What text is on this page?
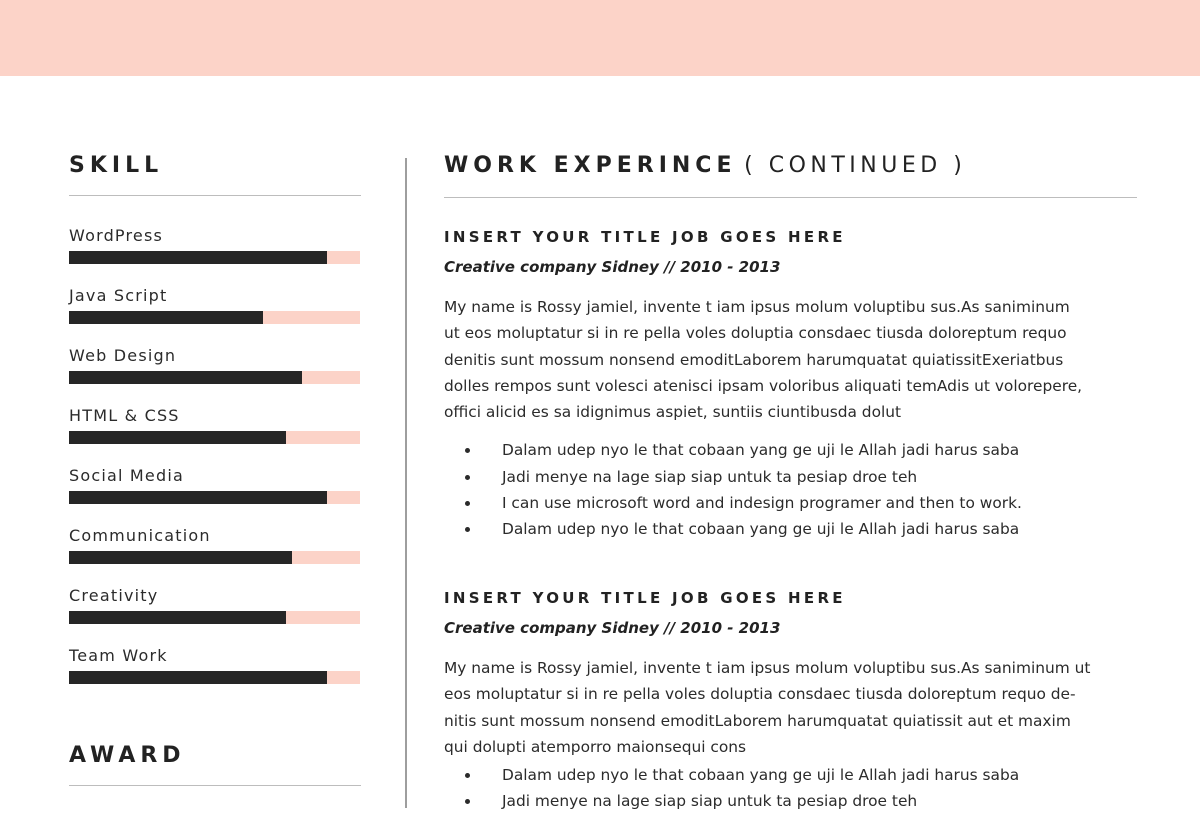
SKILL
WordPress
Java Script
Web Design
HTML & CSS
Social Media
Communication
Creativity
Team Work
AWARD
WORK EXPERINCE ( CONTINUED )
INSERT YOUR TITLE JOB GOES HERE
Creative company Sidney // 2010 - 2013
My name is Rossy jamiel, invente t iam ipsus molum voluptibu sus.As saniminum
ut eos moluptatur si in re pella voles doluptia consdaec tiusda doloreptum requo
denitis sunt mossum nonsend emoditLaborem harumquatat quiatissitExeriatbus
dolles rempos sunt volesci atenisci ipsam voloribus aliquati temAdis ut volorepere,
offici alicid es sa idignimus aspiet, suntiis ciuntibusda dolut
Dalam udep nyo le that cobaan yang ge uji le Allah jadi harus saba
Jadi menye na lage siap siap untuk ta pesiap droe teh
I can use microsoft word and indesign programer and then to work.
Dalam udep nyo le that cobaan yang ge uji le Allah jadi harus saba
INSERT YOUR TITLE JOB GOES HERE
Creative company Sidney // 2010 - 2013
My name is Rossy jamiel, invente t iam ipsus molum voluptibu sus.As saniminum ut
eos moluptatur si in re pella voles doluptia consdaec tiusda doloreptum requo de-
nitis sunt mossum nonsend emoditLaborem harumquatat quiatissit aut et maxim
qui dolupti atemporro maionsequi cons
Dalam udep nyo le that cobaan yang ge uji le Allah jadi harus saba
Jadi menye na lage siap siap untuk ta pesiap droe teh
